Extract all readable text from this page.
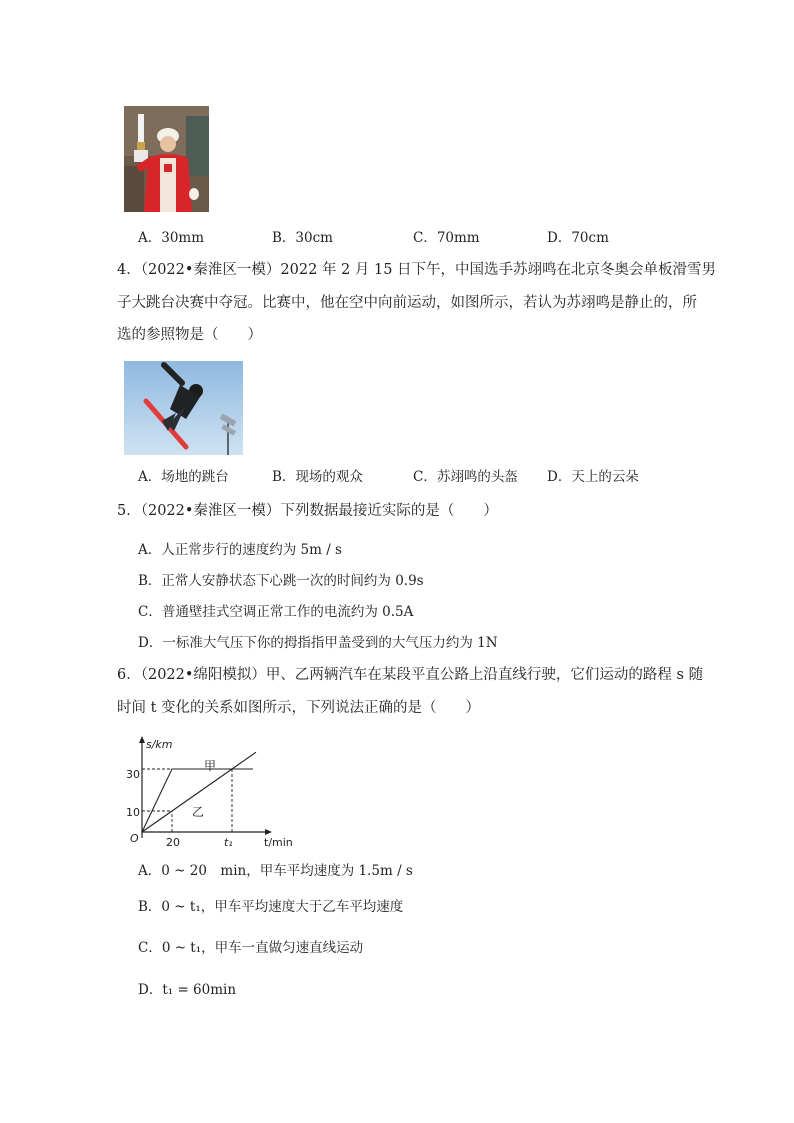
A．30mm	B．30cm	C．70mm	D．70cm
4．（2022•秦淮区一模）2022 年 2 月 15 日下午，中国选手苏翊鸣在北京冬奥会单板滑雪男
子大跳台决赛中夺冠。比赛中，他在空中向前运动，如图所示，若认为苏翊鸣是静止的，所
选的参照物是（　　）
A．场地的跳台	B．现场的观众	C．苏翊鸣的头盔 D．天上的云朵
5．（2022•秦淮区一模）下列数据最接近实际的是（　　）
A．人正常步行的速度约为 5m / s
B．正常人安静状态下心跳一次的时间约为 0.9s
C．普通壁挂式空调正常工作的电流约为 0.5A
D．一标准大气压下你的拇指指甲盖受到的大气压力约为 1N
6．（2022•绵阳模拟）甲、乙两辆汽车在某段平直公路上沿直线行驶，它们运动的路程 s 随
时间 t 变化的关系如图所示，下列说法正确的是（　　）
s/km
t/min
O
10
30
20	t₁
甲
乙
A．0 ~ 20　min，甲车平均速度为 1.5m / s
B．0 ~ t₁，甲车平均速度大于乙车平均速度
C．0 ~ t₁，甲车一直做匀速直线运动
D．t₁ = 60min
